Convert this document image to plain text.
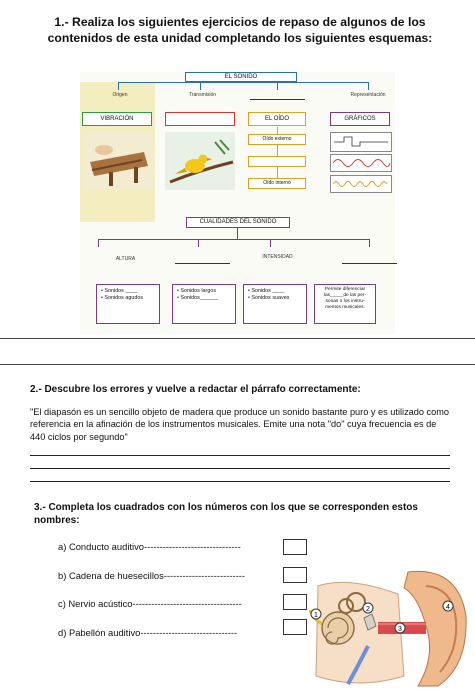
1.- Realiza los siguientes ejercicios de repaso de algunos de los
contenidos de esta unidad completando los siguientes esquemas:
EL SONIDO
Origen	Transmisión	Representación
VIBRACIÓN	EL OÍDO	GRÁFICOS
Oído externo
Oído interno
CUALIDADES DEL SONIDO
ALTURA	INTENSIDAD
• Sonidos ____
• Sonidos agudos
• Sonidos largos
• Sonidos______
• Sonidos ____
• Sonidos suaves
Permite diferenciar
las_____de las per-
sonas o los instru-
mentos musicales.
2.- Descubre los errores y vuelve a redactar el párrafo correctamente:
"El diapasón es un sencillo objeto de madera que produce un sonido bastante puro y es utilizado como referencia en la afinación de los instrumentos musicales. Emite una nota "do" cuya frecuencia es de 440 ciclos por segundo"
3.- Completa los cuadrados con los números con los que se corresponden estos nombres:
a) Conducto auditivo-------------------------------
b) Cadena de huesecillos--------------------------
c) Nervio acústico-----------------------------------
d) Pabellón auditivo-------------------------------
1
2
3
4
